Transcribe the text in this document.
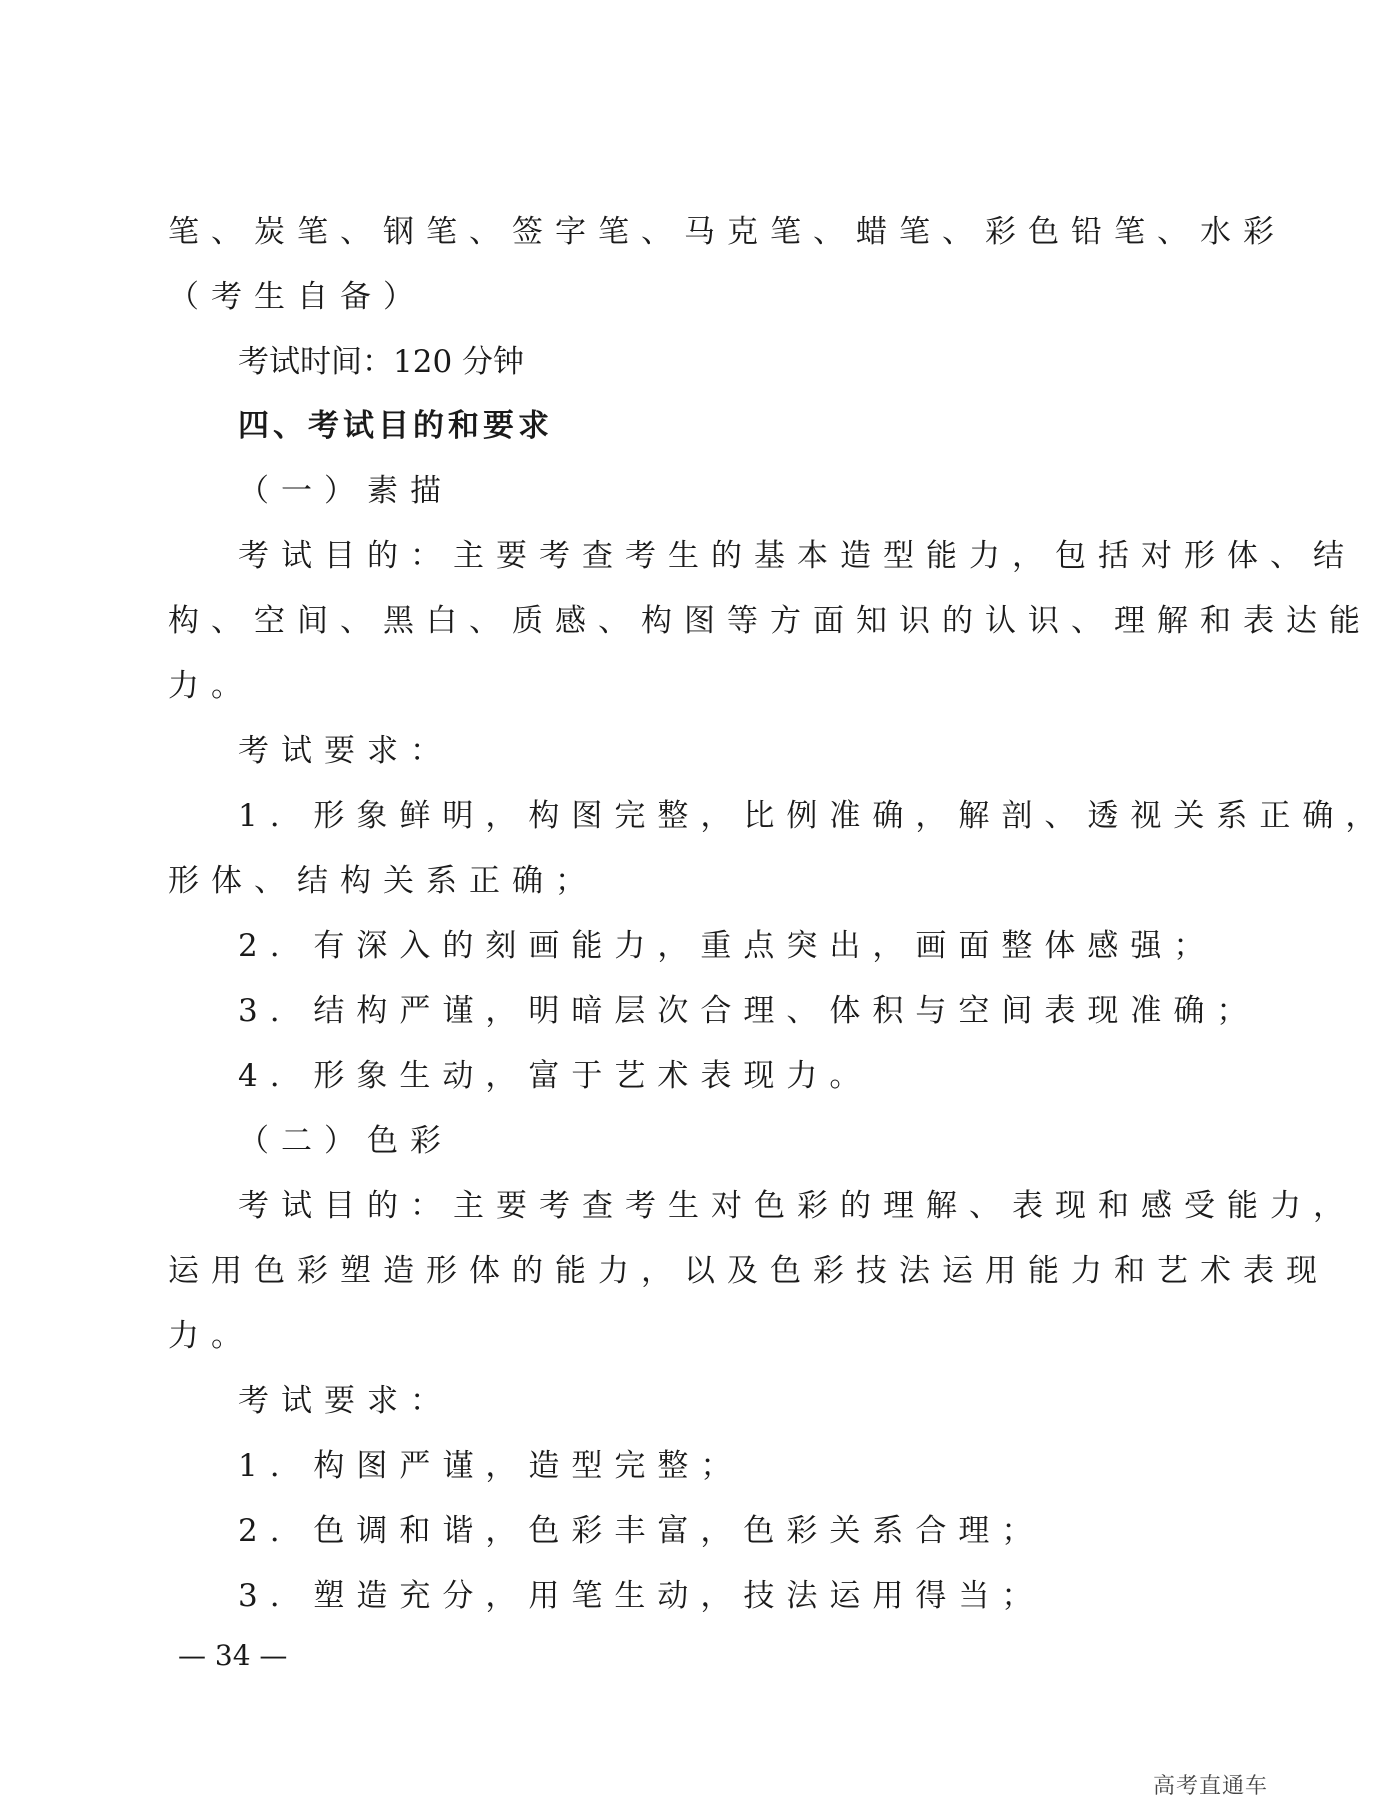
笔、炭笔、钢笔、签字笔、马克笔、蜡笔、彩色铅笔、水彩
（考生自备）
考试时间：120 分钟
四、考试目的和要求
（一）素描
考试目的：主要考查考生的基本造型能力，包括对形体、结
构、空间、黑白、质感、构图等方面知识的认识、理解和表达能
力。
考试要求：
1. 形象鲜明，构图完整，比例准确，解剖、透视关系正确，
形体、结构关系正确；
2. 有深入的刻画能力，重点突出，画面整体感强；
3. 结构严谨，明暗层次合理、体积与空间表现准确；
4. 形象生动，富于艺术表现力。
（二）色彩
考试目的：主要考查考生对色彩的理解、表现和感受能力，
运用色彩塑造形体的能力，以及色彩技法运用能力和艺术表现
力。
考试要求：
1. 构图严谨，造型完整；
2. 色调和谐，色彩丰富，色彩关系合理；
3. 塑造充分，用笔生动，技法运用得当；
— 34 —
高考直通车
